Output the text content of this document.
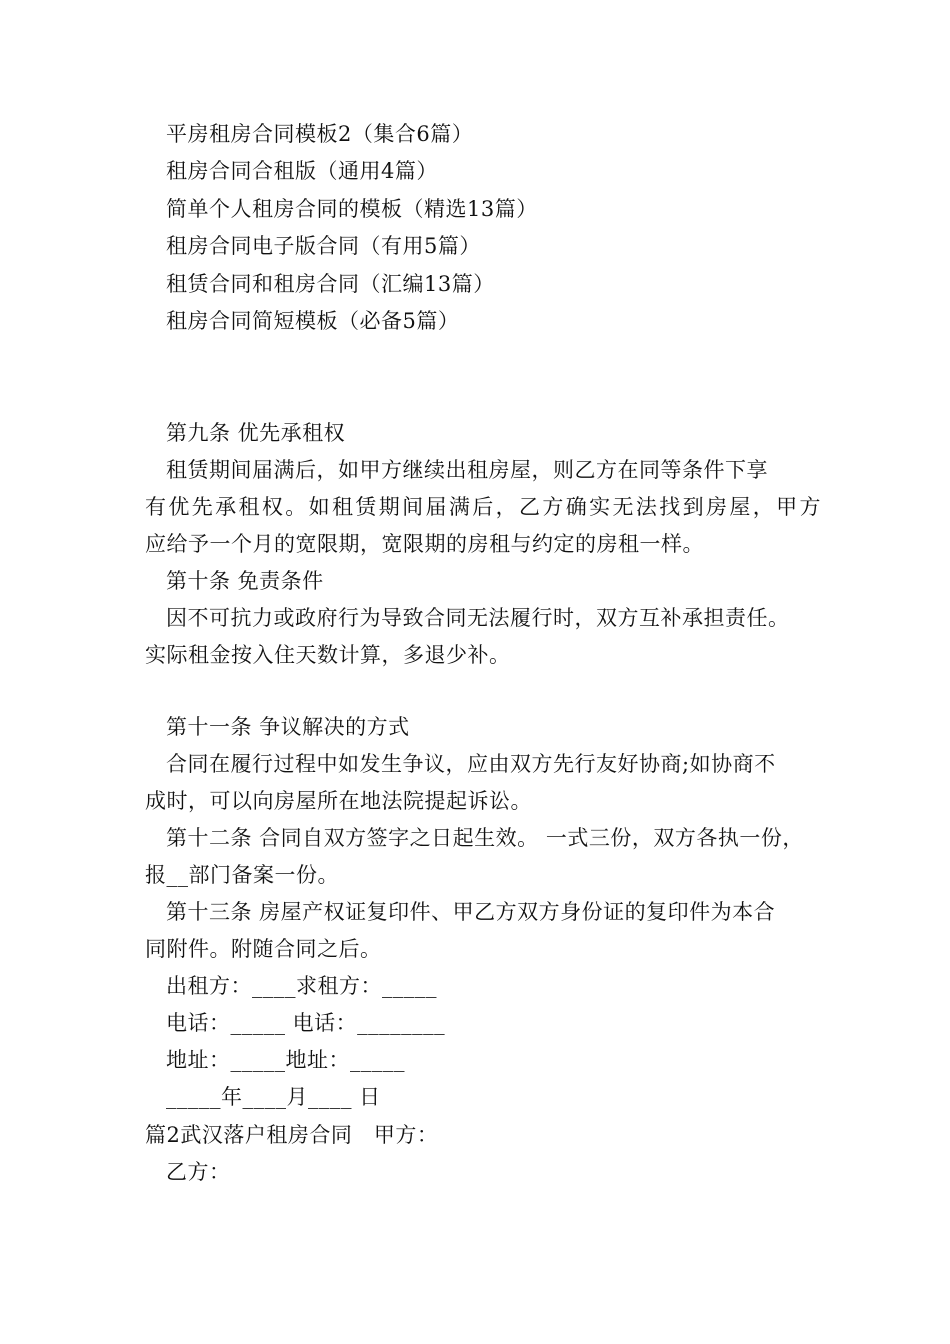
平房租房合同模板2（集合6篇）
租房合同合租版（通用4篇）
简单个人租房合同的模板（精选13篇）
租房合同电子版合同（有用5篇）
租赁合同和租房合同（汇编13篇）
租房合同简短模板（必备5篇）
第九条 优先承租权
租赁期间届满后，如甲方继续出租房屋，则乙方在同等条件下享
有优先承租权。如租赁期间届满后，乙方确实无法找到房屋，甲方
应给予一个月的宽限期，宽限期的房租与约定的房租一样。
第十条 免责条件
因不可抗力或政府行为导致合同无法履行时，双方互补承担责任。
实际租金按入住天数计算，多退少补。
第十一条 争议解决的方式
合同在履行过程中如发生争议，应由双方先行友好协商;如协商不
成时，可以向房屋所在地法院提起诉讼。
第十二条 合同自双方签字之日起生效。 一式三份，双方各执一份，
报__部门备案一份。
第十三条 房屋产权证复印件、甲乙方双方身份证的复印件为本合
同附件。附随合同之后。
出租方：____求租方：_____
电话：_____ 电话：________
地址：_____地址：_____
_____年____月____ 日
篇2武汉落户租房合同　甲方：
乙方：
